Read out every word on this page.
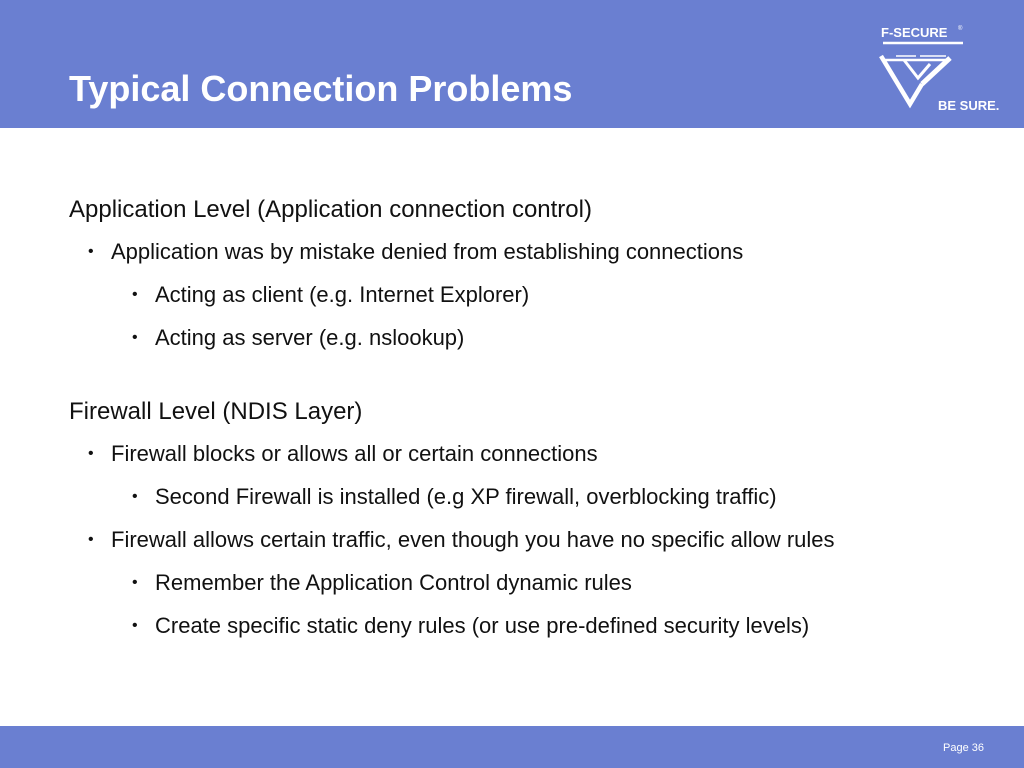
Typical Connection Problems
F-SECURE ®
BE SURE.

Application Level (Application connection control)

• Application was by mistake denied from establishing connections
• Acting as client (e.g. Internet Explorer)
• Acting as server (e.g. nslookup)

Firewall Level (NDIS Layer)

• Firewall blocks or allows all or certain connections
• Second Firewall is installed (e.g XP firewall, overblocking traffic)
• Firewall allows certain traffic, even though you have no specific allow rules
• Remember the Application Control dynamic rules
• Create specific static deny rules (or use pre-defined security levels)
Page 36
